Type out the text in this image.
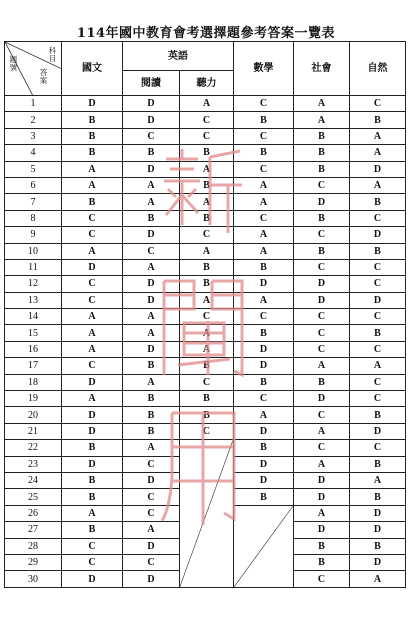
114年國中教育會考選擇題參考答案一覽表
科目
答案
題號	國文	英語		數學	社會	自然
		閱讀	聽力			
1	D	D	A	C	A	C
2	B	D	C	B	A	B
3	B	C	C	C	B	A
4	B	B	B	B	B	A
5	A	D	A	C	B	D
6	A	A	B	A	C	A
7	B	A	A	A	D	B
8	C	B	B	C	B	C
9	C	D	C	A	C	D
10	A	C	A	A	B	B
11	D	A	B	B	C	C
12	C	D	B	D	D	C
13	C	D	A	A	D	D
14	A	A	C	C	C	C
15	A	A	A	B	C	B
16	A	D	A	D	C	C
17	C	B	B	D	A	A
18	D	A	C	B	B	C
19	A	B	B	C	D	C
20	D	B	B	A	C	B
21	D	B	C	D	A	D
22	B	A		B	C	C
23	D	C		D	A	B
24	B	D		D	D	A
25	B	C		B	D	B
26	A	C			A	D
27	B	A			D	D
28	C	D			B	B
29	C	C			B	D
30	D	D			C	A
